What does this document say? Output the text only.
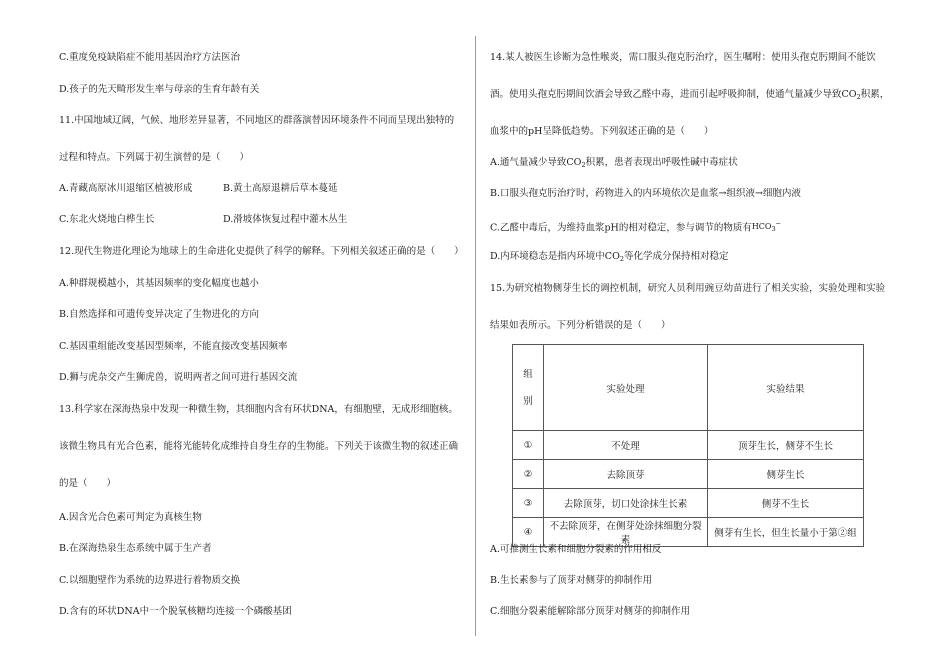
C.重度免疫缺陷症不能用基因治疗方法医治
D.孩子的先天畸形发生率与母亲的生育年龄有关
11.中国地域辽阔，气候、地形差异显著，不同地区的群落演替因环境条件不同而呈现出独特的
过程和特点。下列属于初生演替的是（　　）
A.青藏高原冰川退缩区植被形成	B.黄土高原退耕后草本蔓延
C.东北火烧地白桦生长	D.滑坡体恢复过程中灌木丛生
12.现代生物进化理论为地球上的生命进化史提供了科学的解释。下列相关叙述正确的是（　　）
A.种群规模越小，其基因频率的变化幅度也越小
B.自然选择和可遗传变异决定了生物进化的方向
C.基因重组能改变基因型频率，不能直接改变基因频率
D.狮与虎杂交产生狮虎兽，说明两者之间可进行基因交流
13.科学家在深海热泉中发现一种微生物，其细胞内含有环状DNA，有细胞壁，无成形细胞核。
该微生物具有光合色素，能将光能转化成维持自身生存的生物能。下列关于该微生物的叙述正确
的是（　　）
A.因含光合色素可判定为真核生物
B.在深海热泉生态系统中属于生产者
C.以细胞壁作为系统的边界进行着物质交换
D.含有的环状DNA中一个脱氧核糖均连接一个磷酸基团
14.某人被医生诊断为急性喉炎，需口服头孢克肟治疗，医生嘱咐：使用头孢克肟期间不能饮
酒。使用头孢克肟期间饮酒会导致乙醛中毒，进而引起呼吸抑制，使通气量减少导致$CO_2$积累，
血浆中的pH呈降低趋势。下列叙述正确的是（　　）
A.通气量减少导致$CO_2$积累，患者表现出呼吸性碱中毒症状
B.口服头孢克肟治疗时，药物进入的内环境依次是血浆→组织液→细胞内液
C.乙醛中毒后，为维持血浆pH的相对稳定，参与调节的物质有$^{HCO_3^-}$
D.内环境稳态是指内环境中$CO_2$等化学成分保持相对稳定
15.为研究植物侧芽生长的调控机制，研究人员利用豌豆幼苗进行了相关实验，实验处理和实验
结果如表所示。下列分析错误的是（　　）
组
别	实验处理	实验结果
①	不处理	顶芽生长，侧芽不生长
②	去除顶芽	侧芽生长
③	去除顶芽，切口处涂抹生长素	侧芽不生长
④	不去除顶芽，在侧芽处涂抹细胞分裂素	侧芽有生长，但生长量小于第②组
A.可推测生长素和细胞分裂素的作用相反
B.生长素参与了顶芽对侧芽的抑制作用
C.细胞分裂素能解除部分顶芽对侧芽的抑制作用
